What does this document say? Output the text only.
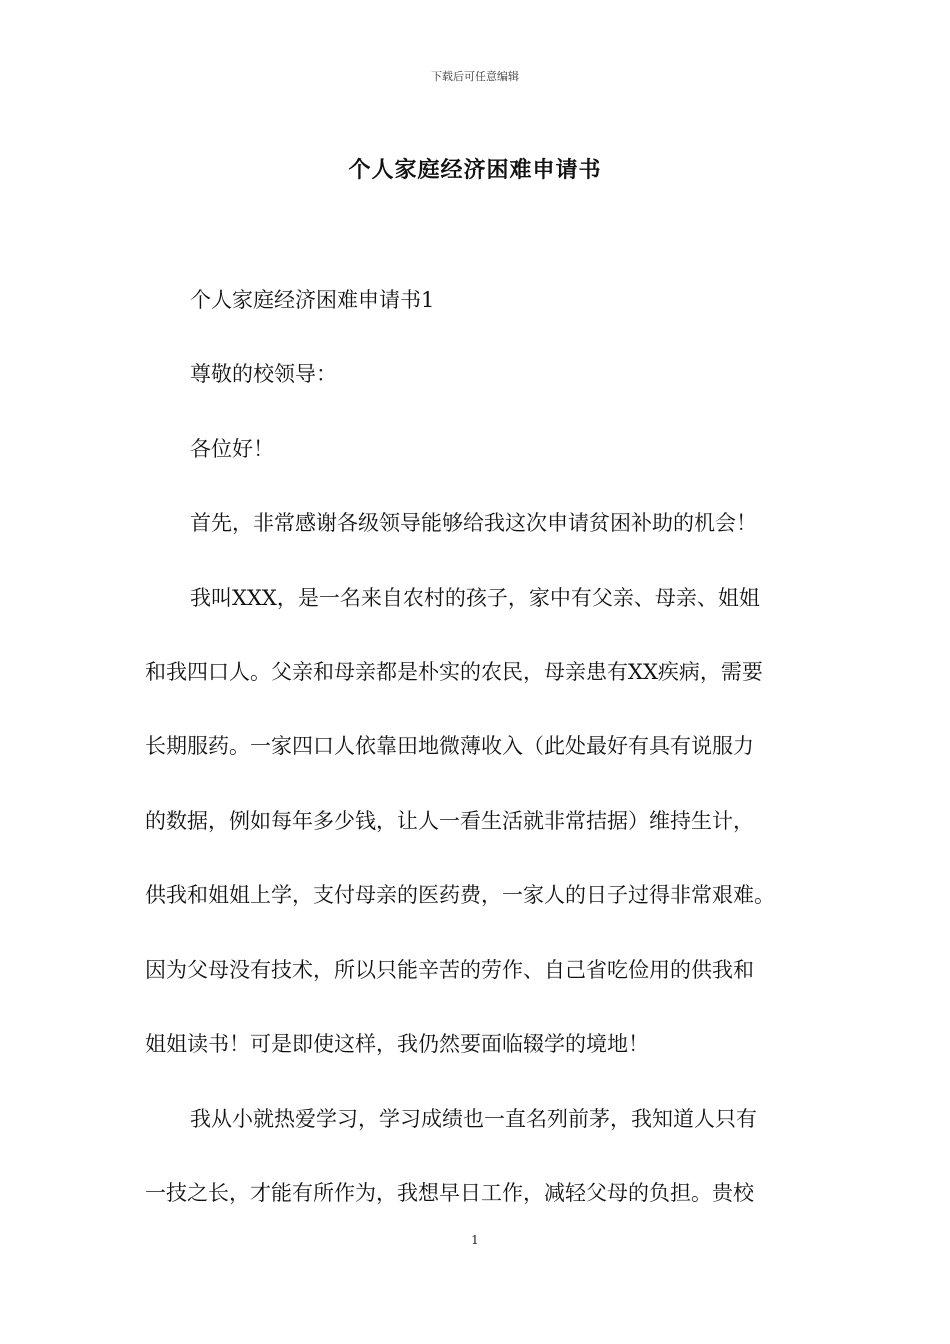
下载后可任意编辑
个人家庭经济困难申请书
个人家庭经济困难申请书1
尊敬的校领导：
各位好！
首先，非常感谢各级领导能够给我这次申请贫困补助的机会！
我叫XXX，是一名来自农村的孩子，家中有父亲、母亲、姐姐
和我四口人。父亲和母亲都是朴实的农民，母亲患有XX疾病，需要
长期服药。一家四口人依靠田地微薄收入（此处最好有具有说服力
的数据，例如每年多少钱，让人一看生活就非常拮据）维持生计，
供我和姐姐上学，支付母亲的医药费，一家人的日子过得非常艰难。
因为父母没有技术，所以只能辛苦的劳作、自己省吃俭用的供我和
姐姐读书！可是即使这样，我仍然要面临辍学的境地！
我从小就热爱学习，学习成绩也一直名列前茅，我知道人只有
一技之长，才能有所作为，我想早日工作，减轻父母的负担。贵校
1
